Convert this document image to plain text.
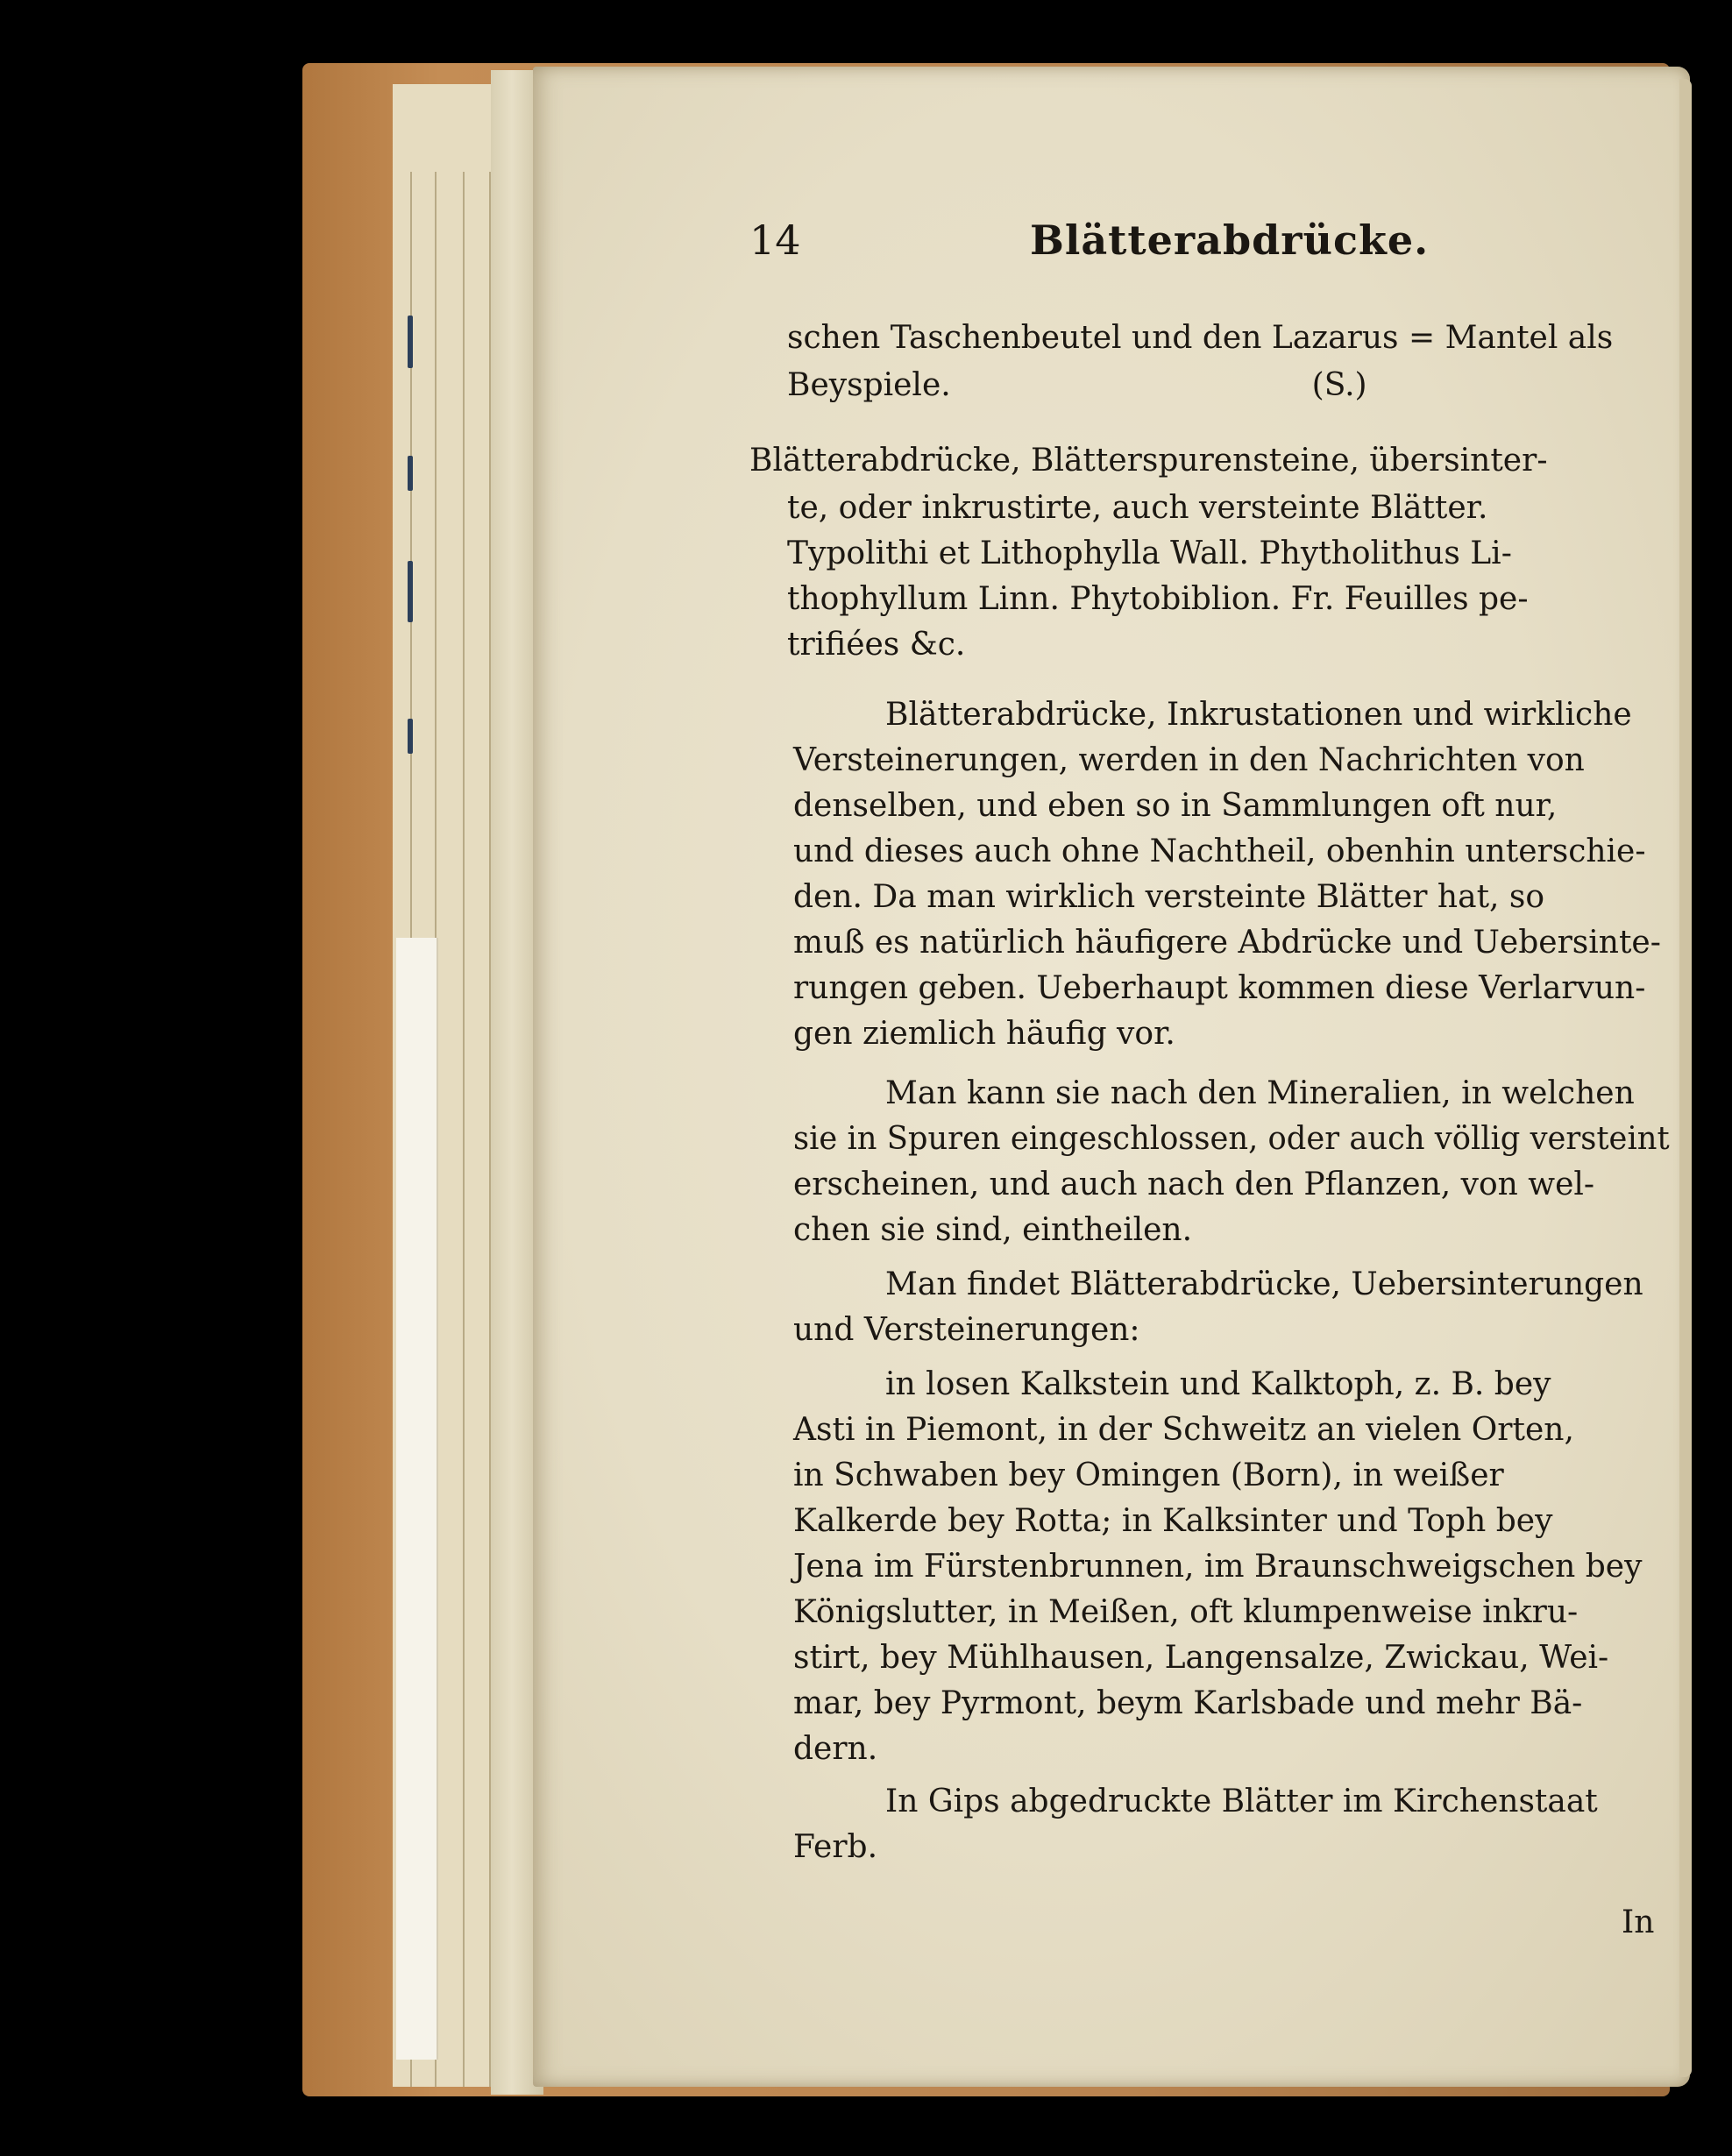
14	Blätterabdrücke.
schen Taschenbeutel und den Lazarus = Mantel als
Beyspiele.                                    (S.)
Blätterabdrücke, Blätterspurensteine, übersinter-
te, oder inkrustirte, auch versteinte Blätter.
Typolithi et Lithophylla Wall. Phytholithus Li-
thophyllum Linn. Phytobiblion. Fr. Feuilles pe-
trifiées &c.
Blätterabdrücke, Inkrustationen und wirkliche
Versteinerungen, werden in den Nachrichten von
denselben, und eben so in Sammlungen oft nur,
und dieses auch ohne Nachtheil, obenhin unterschie-
den. Da man wirklich versteinte Blätter hat, so
muß es natürlich häufigere Abdrücke und Uebersinte-
rungen geben. Ueberhaupt kommen diese Verlarvun-
gen ziemlich häufig vor.
Man kann sie nach den Mineralien, in welchen
sie in Spuren eingeschlossen, oder auch völlig versteint
erscheinen, und auch nach den Pflanzen, von wel-
chen sie sind, eintheilen.
Man findet Blätterabdrücke, Uebersinterungen
und Versteinerungen:
in losen Kalkstein und Kalktoph, z. B. bey
Asti in Piemont, in der Schweitz an vielen Orten,
in Schwaben bey Omingen (Born), in weißer
Kalkerde bey Rotta; in Kalksinter und Toph bey
Jena im Fürstenbrunnen, im Braunschweigschen bey
Königslutter, in Meißen, oft klumpenweise inkru-
stirt, bey Mühlhausen, Langensalze, Zwickau, Wei-
mar, bey Pyrmont, beym Karlsbade und mehr Bä-
dern.
In Gips abgedruckte Blätter im Kirchenstaat
Ferb.
In
